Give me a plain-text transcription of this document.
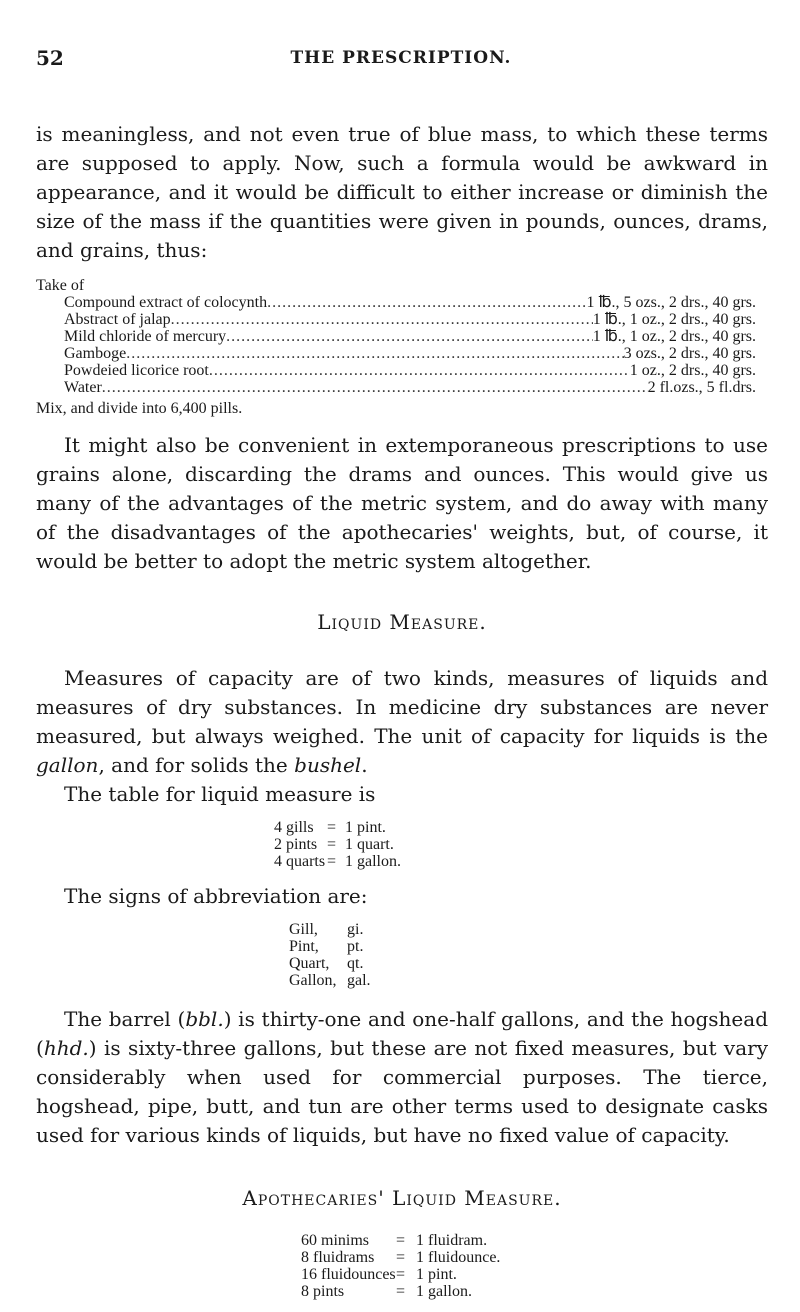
52	THE PRESCRIPTION.

is meaningless, and not even true of blue mass, to which these terms are supposed to apply. Now, such a formula would be awkward in appearance, and it would be difficult to either increase or diminish the size of the mass if the quantities were given in pounds, ounces, drams, and grains, thus:

Take of
Compound extract of colocynth .....	1 ℔., 5 ozs., 2 drs., 40 grs.
Abstract of jalap .....	1 ℔., 1 oz., 2 drs., 40 grs.
Mild chloride of mercury .....	1 ℔., 1 oz., 2 drs., 40 grs.
Gamboge .....	3 ozs., 2 drs., 40 grs.
Powdeied licorice root .....	1 oz., 2 drs., 40 grs.
Water .....	2 fl.ozs., 5 fl.drs.
Mix, and divide into 6,400 pills.

It might also be convenient in extemporaneous prescriptions to use grains alone, discarding the drams and ounces. This would give us many of the advantages of the metric system, and do away with many of the disadvantages of the apothecaries' weights, but, of course, it would be better to adopt the metric system altogether.

Liquid Measure.

Measures of capacity are of two kinds, measures of liquids and measures of dry substances. In medicine dry substances are never measured, but always weighed. The unit of capacity for liquids is the gallon, and for solids the bushel.

The table for liquid measure is

4 gills = 1 pint.
2 pints = 1 quart.
4 quarts = 1 gallon.

The signs of abbreviation are:

Gill,	gi.
Pint,	pt.
Quart,	qt.
Gallon, gal.

The barrel (bbl.) is thirty-one and one-half gallons, and the hogshead (hhd.) is sixty-three gallons, but these are not fixed measures, but vary considerably when used for commercial purposes. The tierce, hogshead, pipe, butt, and tun are other terms used to designate casks used for various kinds of liquids, but have no fixed value of capacity.

Apothecaries' Liquid Measure.
60 minims	= 1 fluidram.
8 fluidrams	= 1 fluidounce.
16 fluidounces = 1 pint.
8 pints	= 1 gallon.
